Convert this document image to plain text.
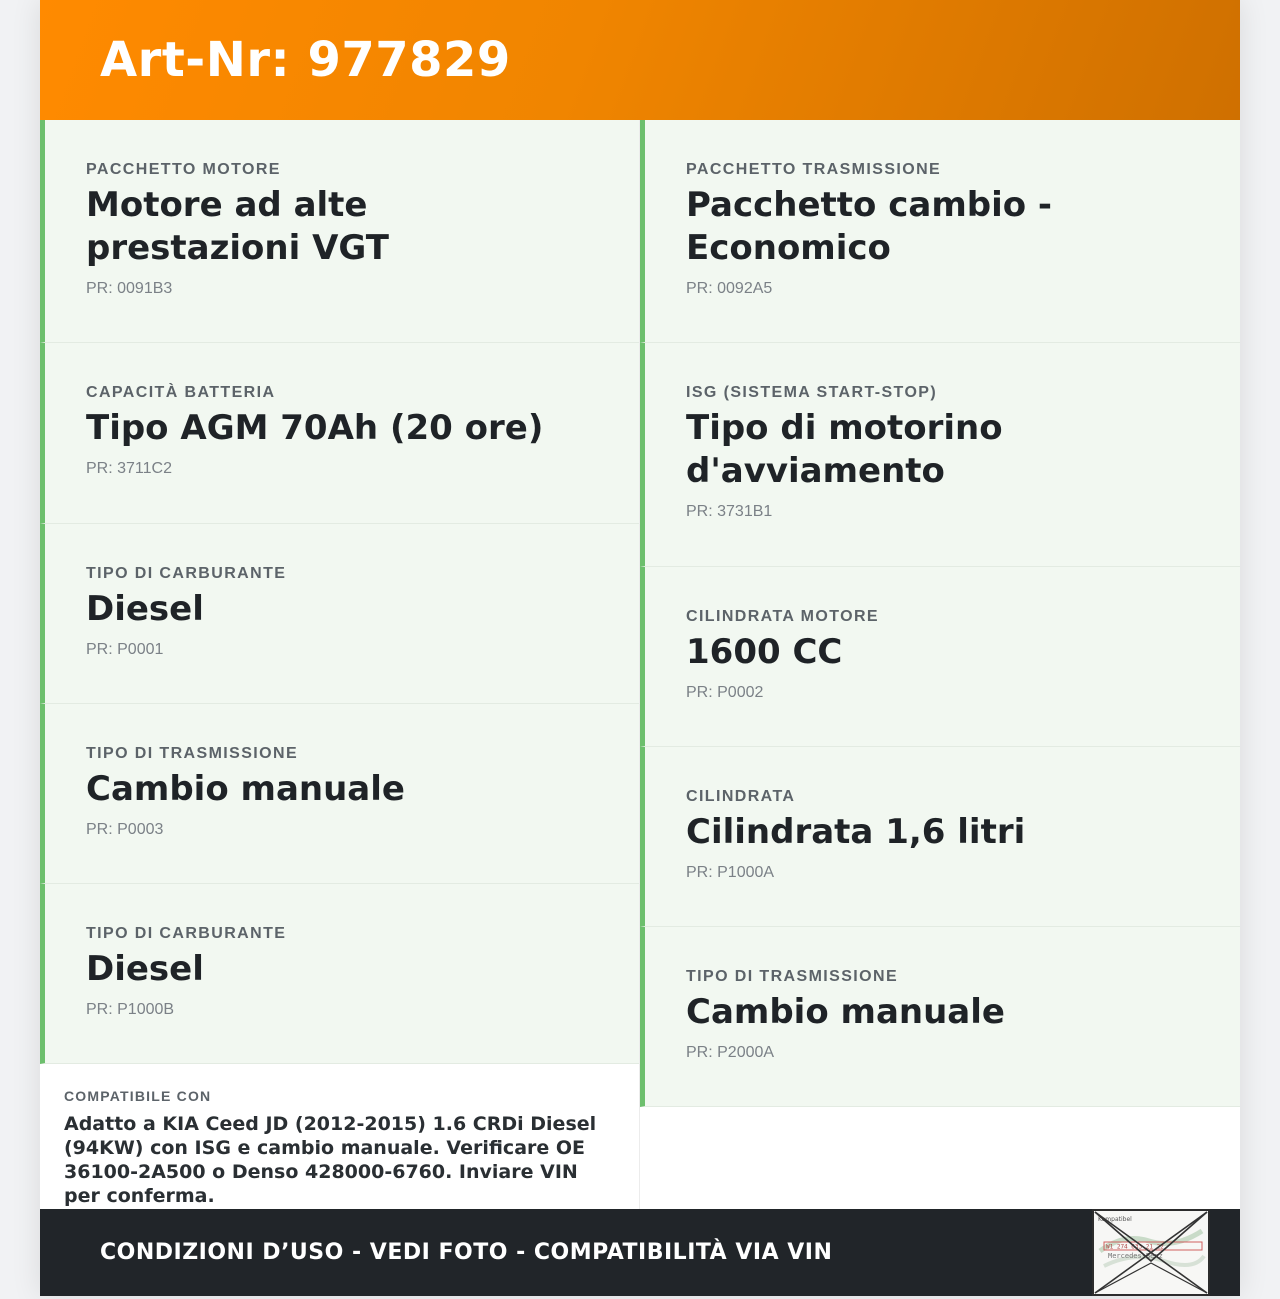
Art-Nr: 977829
PACCHETTO MOTORE
Motore ad alte prestazioni VGT
PR: 0091B3
CAPACITÀ BATTERIA
Tipo AGM 70Ah (20 ore)
PR: 3711C2
TIPO DI CARBURANTE
Diesel
PR: P0001
TIPO DI TRASMISSIONE
Cambio manuale
PR: P0003
TIPO DI CARBURANTE
Diesel
PR: P1000B
COMPATIBILE CON
Adatto a KIA Ceed JD (2012-2015) 1.6 CRDi Diesel (94KW) con ISG e cambio manuale. Verificare OE 36100-2A500 o Denso 428000-6760. Inviare VIN per conferma.
PACCHETTO TRASMISSIONE
Pacchetto cambio - Economico
PR: 0092A5
ISG (SISTEMA START-STOP)
Tipo di motorino d'avviamento
PR: 3731B1
CILINDRATA MOTORE
1600 CC
PR: P0002
CILINDRATA
Cilindrata 1,6 litri
PR: P1000A
TIPO DI TRASMISSIONE
Cambio manuale
PR: P2000A
CONDIZIONI D’USO - VEDI FOTO - COMPATIBILITÀ VIA VIN
Kompatibel
W1 274 633 21 22
Mercedes-Benz
